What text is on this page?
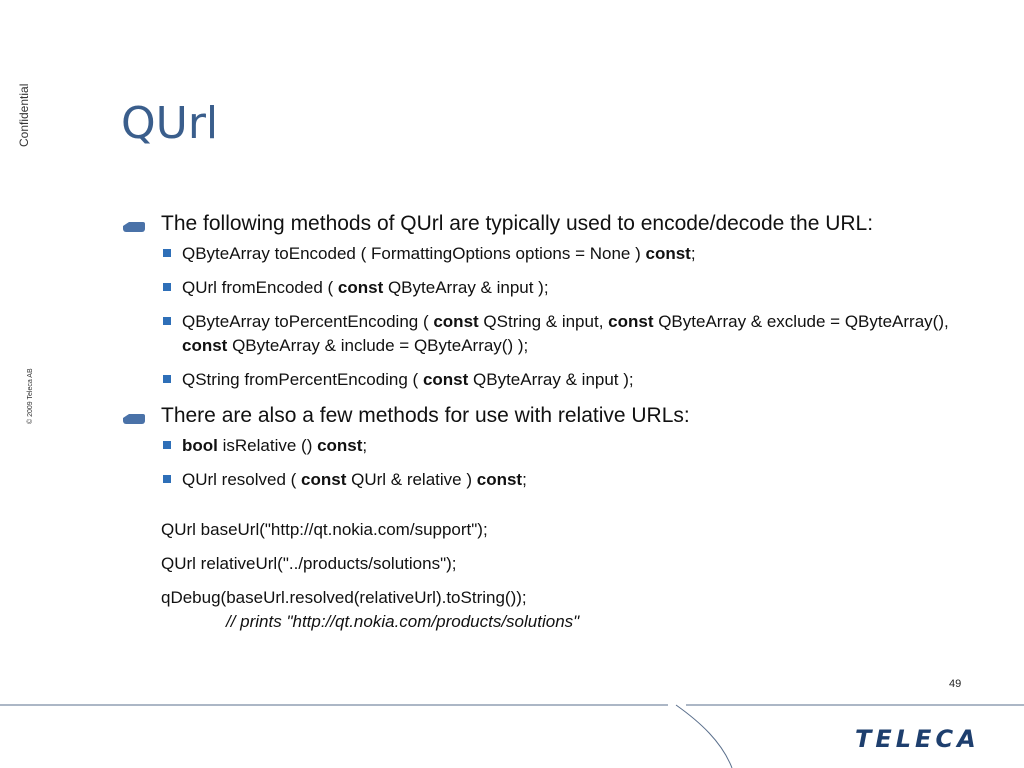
Confidential
© 2009 Teleca AB
QUrl
The following methods of QUrl are typically used to encode/decode the URL:
QByteArray toEncoded ( FormattingOptions options = None ) const;
QUrl fromEncoded ( const QByteArray & input );
QByteArray toPercentEncoding ( const QString & input, const QByteArray & exclude = QByteArray(), const QByteArray & include = QByteArray() );
QString fromPercentEncoding ( const QByteArray & input );
There are also a few methods for use with relative URLs:
bool isRelative () const;
QUrl resolved ( const QUrl & relative ) const;
QUrl baseUrl("http://qt.nokia.com/support");
QUrl relativeUrl("../products/solutions");
qDebug(baseUrl.resolved(relativeUrl).toString());
// prints "http://qt.nokia.com/products/solutions"
49
TELECA
